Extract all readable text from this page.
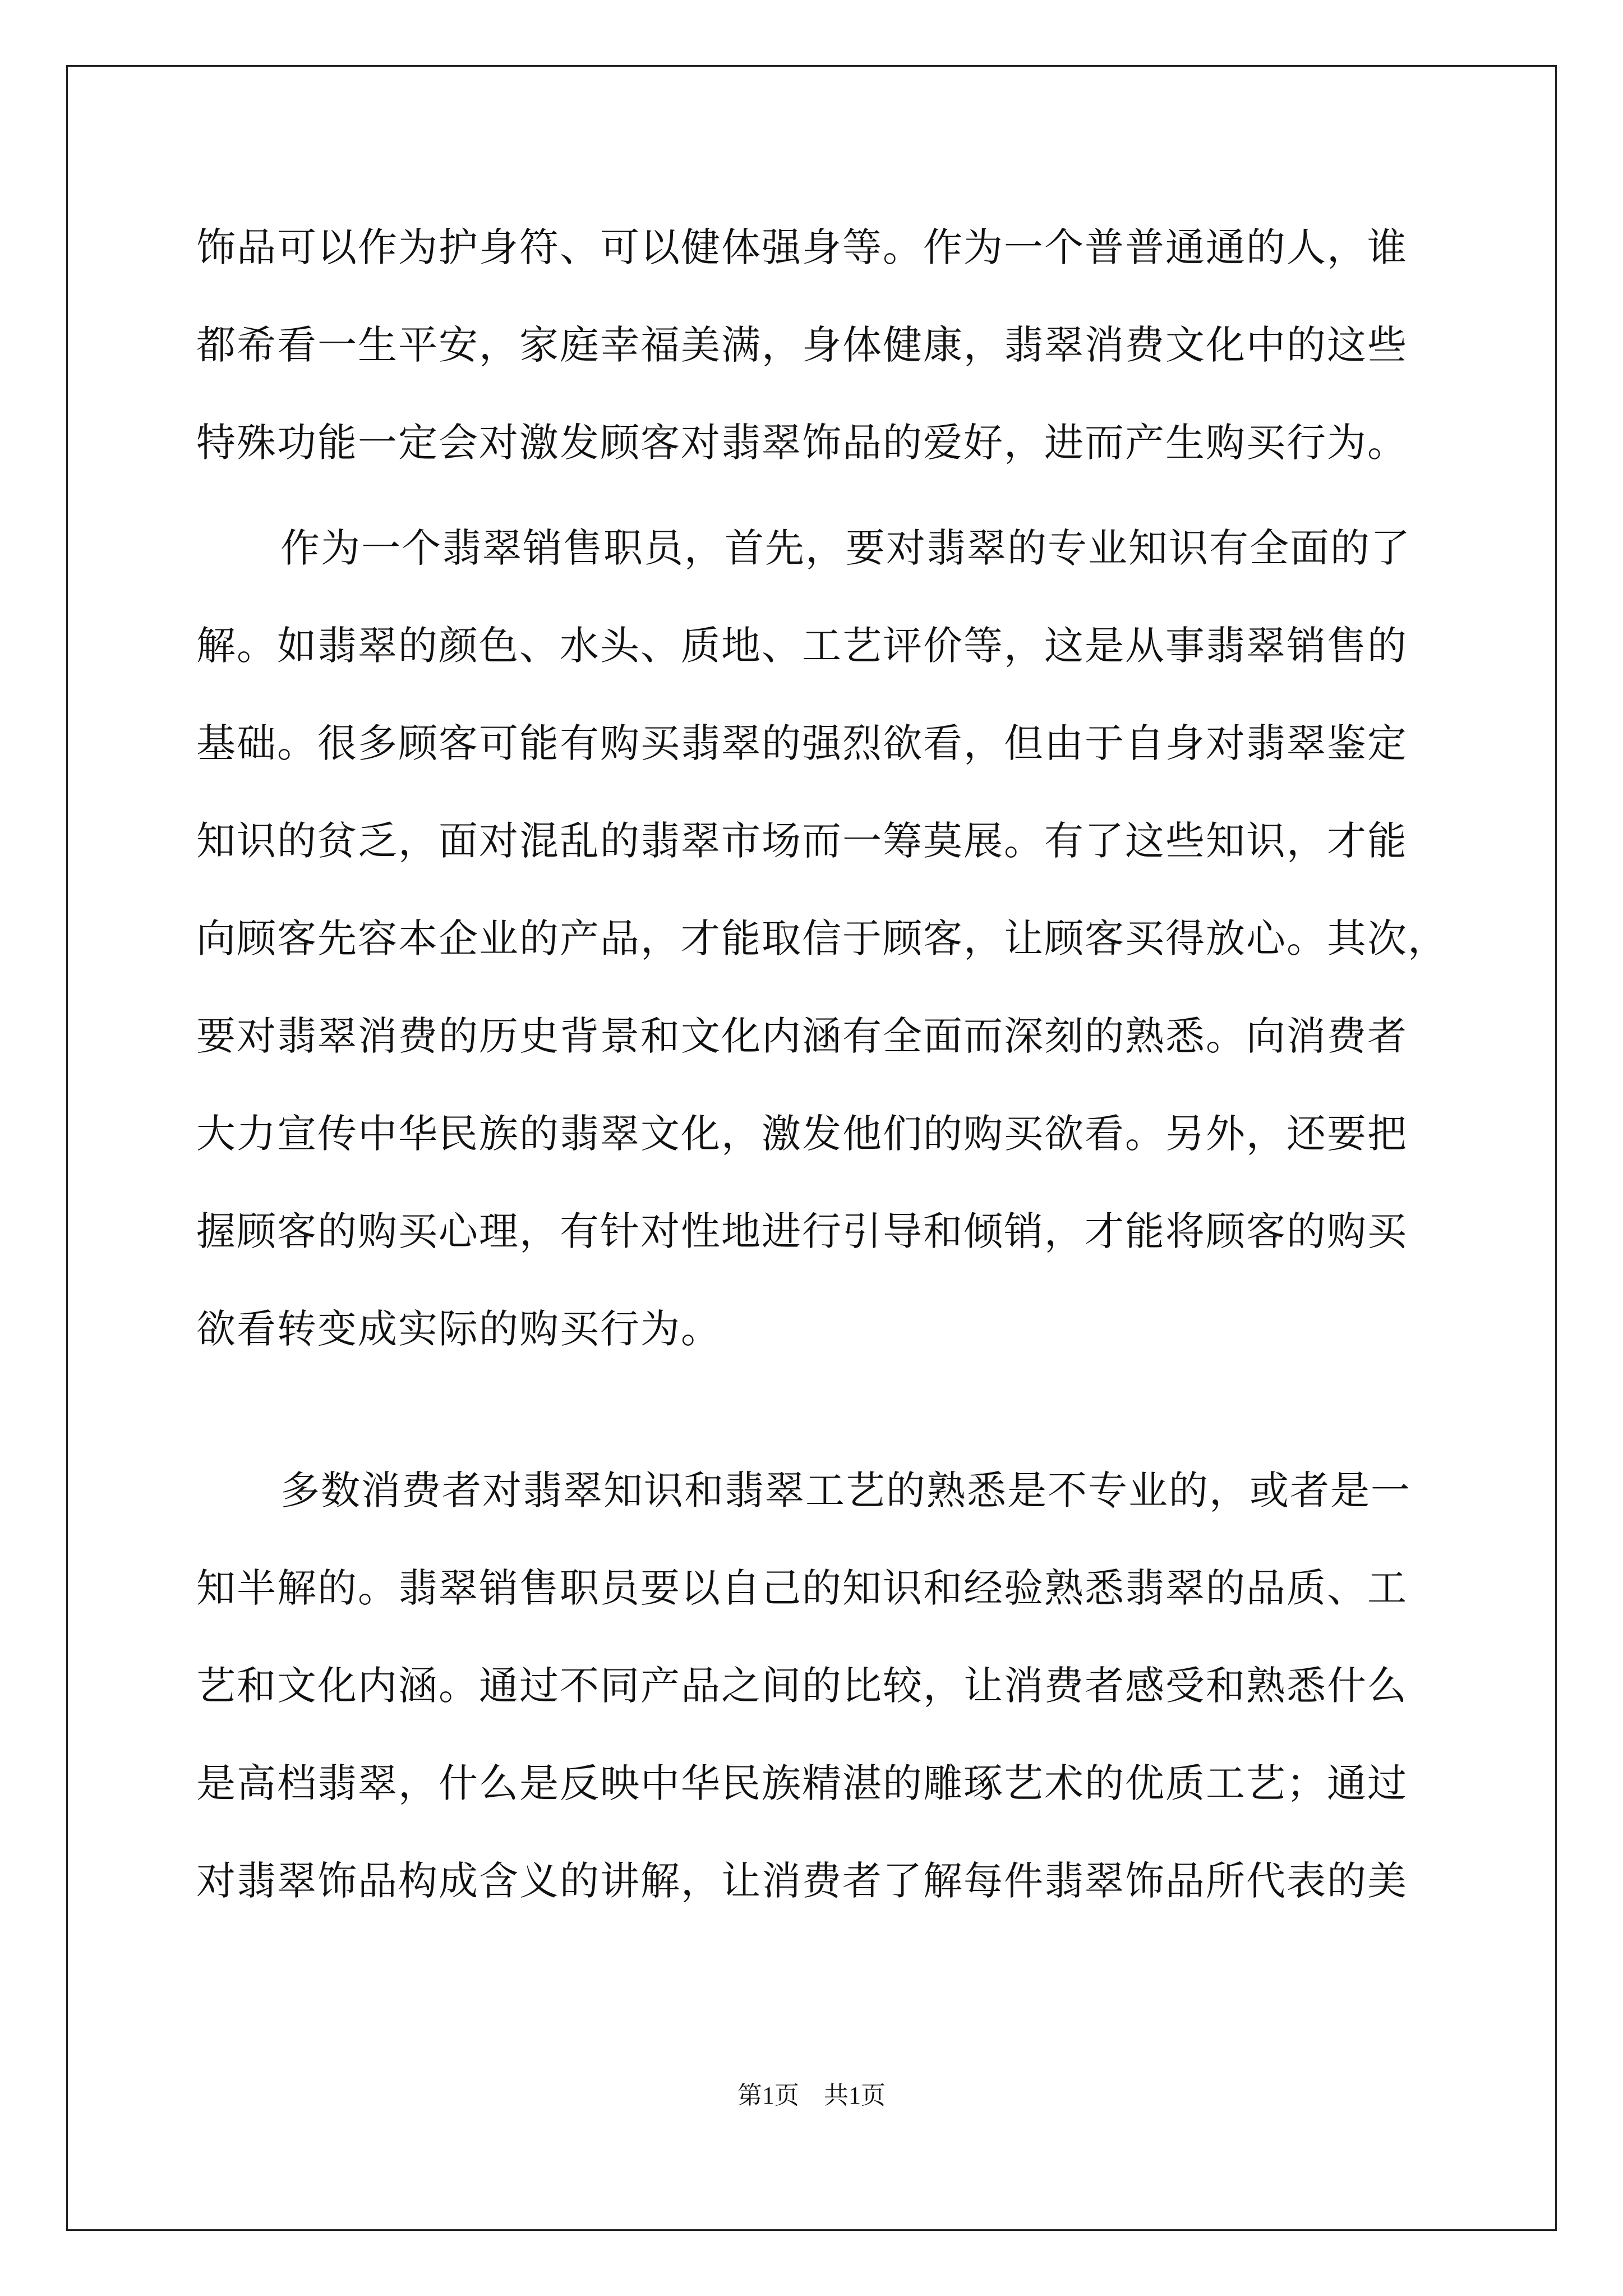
饰品可以作为护身符、可以健体强身等。作为一个普普通通的人，谁
都希看一生平安，家庭幸福美满，身体健康，翡翠消费文化中的这些
特殊功能一定会对激发顾客对翡翠饰品的爱好，进而产生购买行为。
作为一个翡翠销售职员，首先，要对翡翠的专业知识有全面的了
解。如翡翠的颜色、水头、质地、工艺评价等，这是从事翡翠销售的
基础。很多顾客可能有购买翡翠的强烈欲看，但由于自身对翡翠鉴定
知识的贫乏，面对混乱的翡翠市场而一筹莫展。有了这些知识，才能
向顾客先容本企业的产品，才能取信于顾客，让顾客买得放心。其次，
要对翡翠消费的历史背景和文化内涵有全面而深刻的熟悉。向消费者
大力宣传中华民族的翡翠文化，激发他们的购买欲看。另外，还要把
握顾客的购买心理，有针对性地进行引导和倾销，才能将顾客的购买
欲看转变成实际的购买行为。
多数消费者对翡翠知识和翡翠工艺的熟悉是不专业的，或者是一
知半解的。翡翠销售职员要以自己的知识和经验熟悉翡翠的品质、工
艺和文化内涵。通过不同产品之间的比较，让消费者感受和熟悉什么
是高档翡翠，什么是反映中华民族精湛的雕琢艺术的优质工艺；通过
对翡翠饰品构成含义的讲解，让消费者了解每件翡翠饰品所代表的美
第1页　共1页
